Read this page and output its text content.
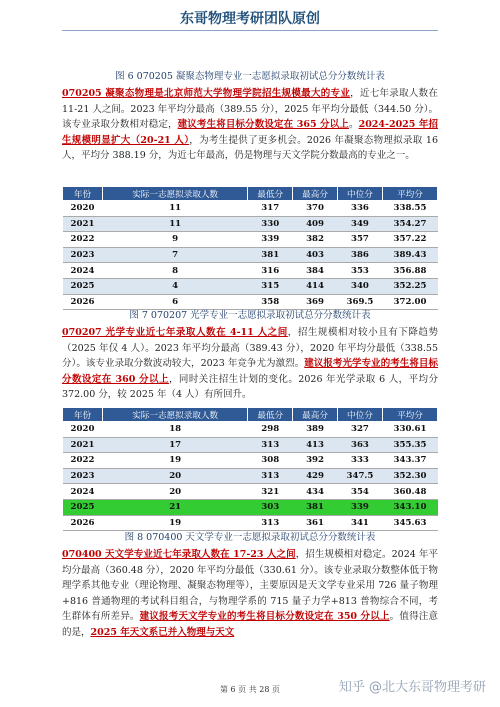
东哥物理考研团队原创
图 6 070205 凝聚态物理专业一志愿拟录取初试总分分数统计表

070205 凝聚态物理是北京师范大学物理学院招生规模最大的专业，近七年录取人数在 11-21 人之间。2023 年平均分最高（389.55 分），2025 年平均分最低（344.50 分）。该专业录取分数相对稳定，建议考生将目标分数设定在 365 分以上。2024-2025 年招生规模明显扩大（20-21 人），为考生提供了更多机会。2026 年凝聚态物理拟录取 16 人，平均分 388.19 分，为近七年最高，仍是物理与天文学院分数最高的专业之一。

年份	实际一志愿拟录取人数	最低分	最高分	中位分	平均分
2020	11	317	370	336	338.55
2021	11	330	409	349	354.27
2022	9	339	382	357	357.22
2023	7	381	403	386	389.43
2024	8	316	384	353	356.88
2025	4	315	414	340	352.25
2026	6	358	369	369.5	372.00
图 7 070207 光学专业一志愿拟录取初试总分分数统计表

070207 光学专业近七年录取人数在 4-11 人之间，招生规模相对较小且有下降趋势（2025 年仅 4 人）。2023 年平均分最高（389.43 分），2020 年平均分最低（338.55 分）。该专业录取分数波动较大，2023 年竞争尤为激烈。建议报考光学专业的考生将目标分数设定在 360 分以上，同时关注招生计划的变化。2026 年光学录取 6 人，平均分 372.00 分，较 2025 年（4 人）有所回升。

年份	实际一志愿拟录取人数	最低分	最高分	中位分	平均分
2020	18	298	389	327	330.61
2021	17	313	413	363	355.35
2022	19	308	392	333	343.37
2023	20	313	429	347.5	352.30
2024	20	321	434	354	360.48
2025	21	303	381	339	343.10
2026	19	313	361	341	345.63
图 8 070400 天文学专业一志愿拟录取初试总分分数统计表

070400 天文学专业近七年录取人数在 17-23 人之间，招生规模相对稳定。2024 年平均分最高（360.48 分），2020 年平均分最低（330.61 分）。该专业录取分数整体低于物理学系其他专业（理论物理、凝聚态物理等），主要原因是天文学专业采用 726 量子物理+816 普通物理的考试科目组合，与物理学系的 715 量子力学+813 普物综合不同，考生群体有所差异。建议报考天文学专业的考生将目标分数设定在 350 分以上。值得注意的是，2025 年天文系已并入物理与天文

第 6 页 共 28 页	知乎 @北大东哥物理考研
